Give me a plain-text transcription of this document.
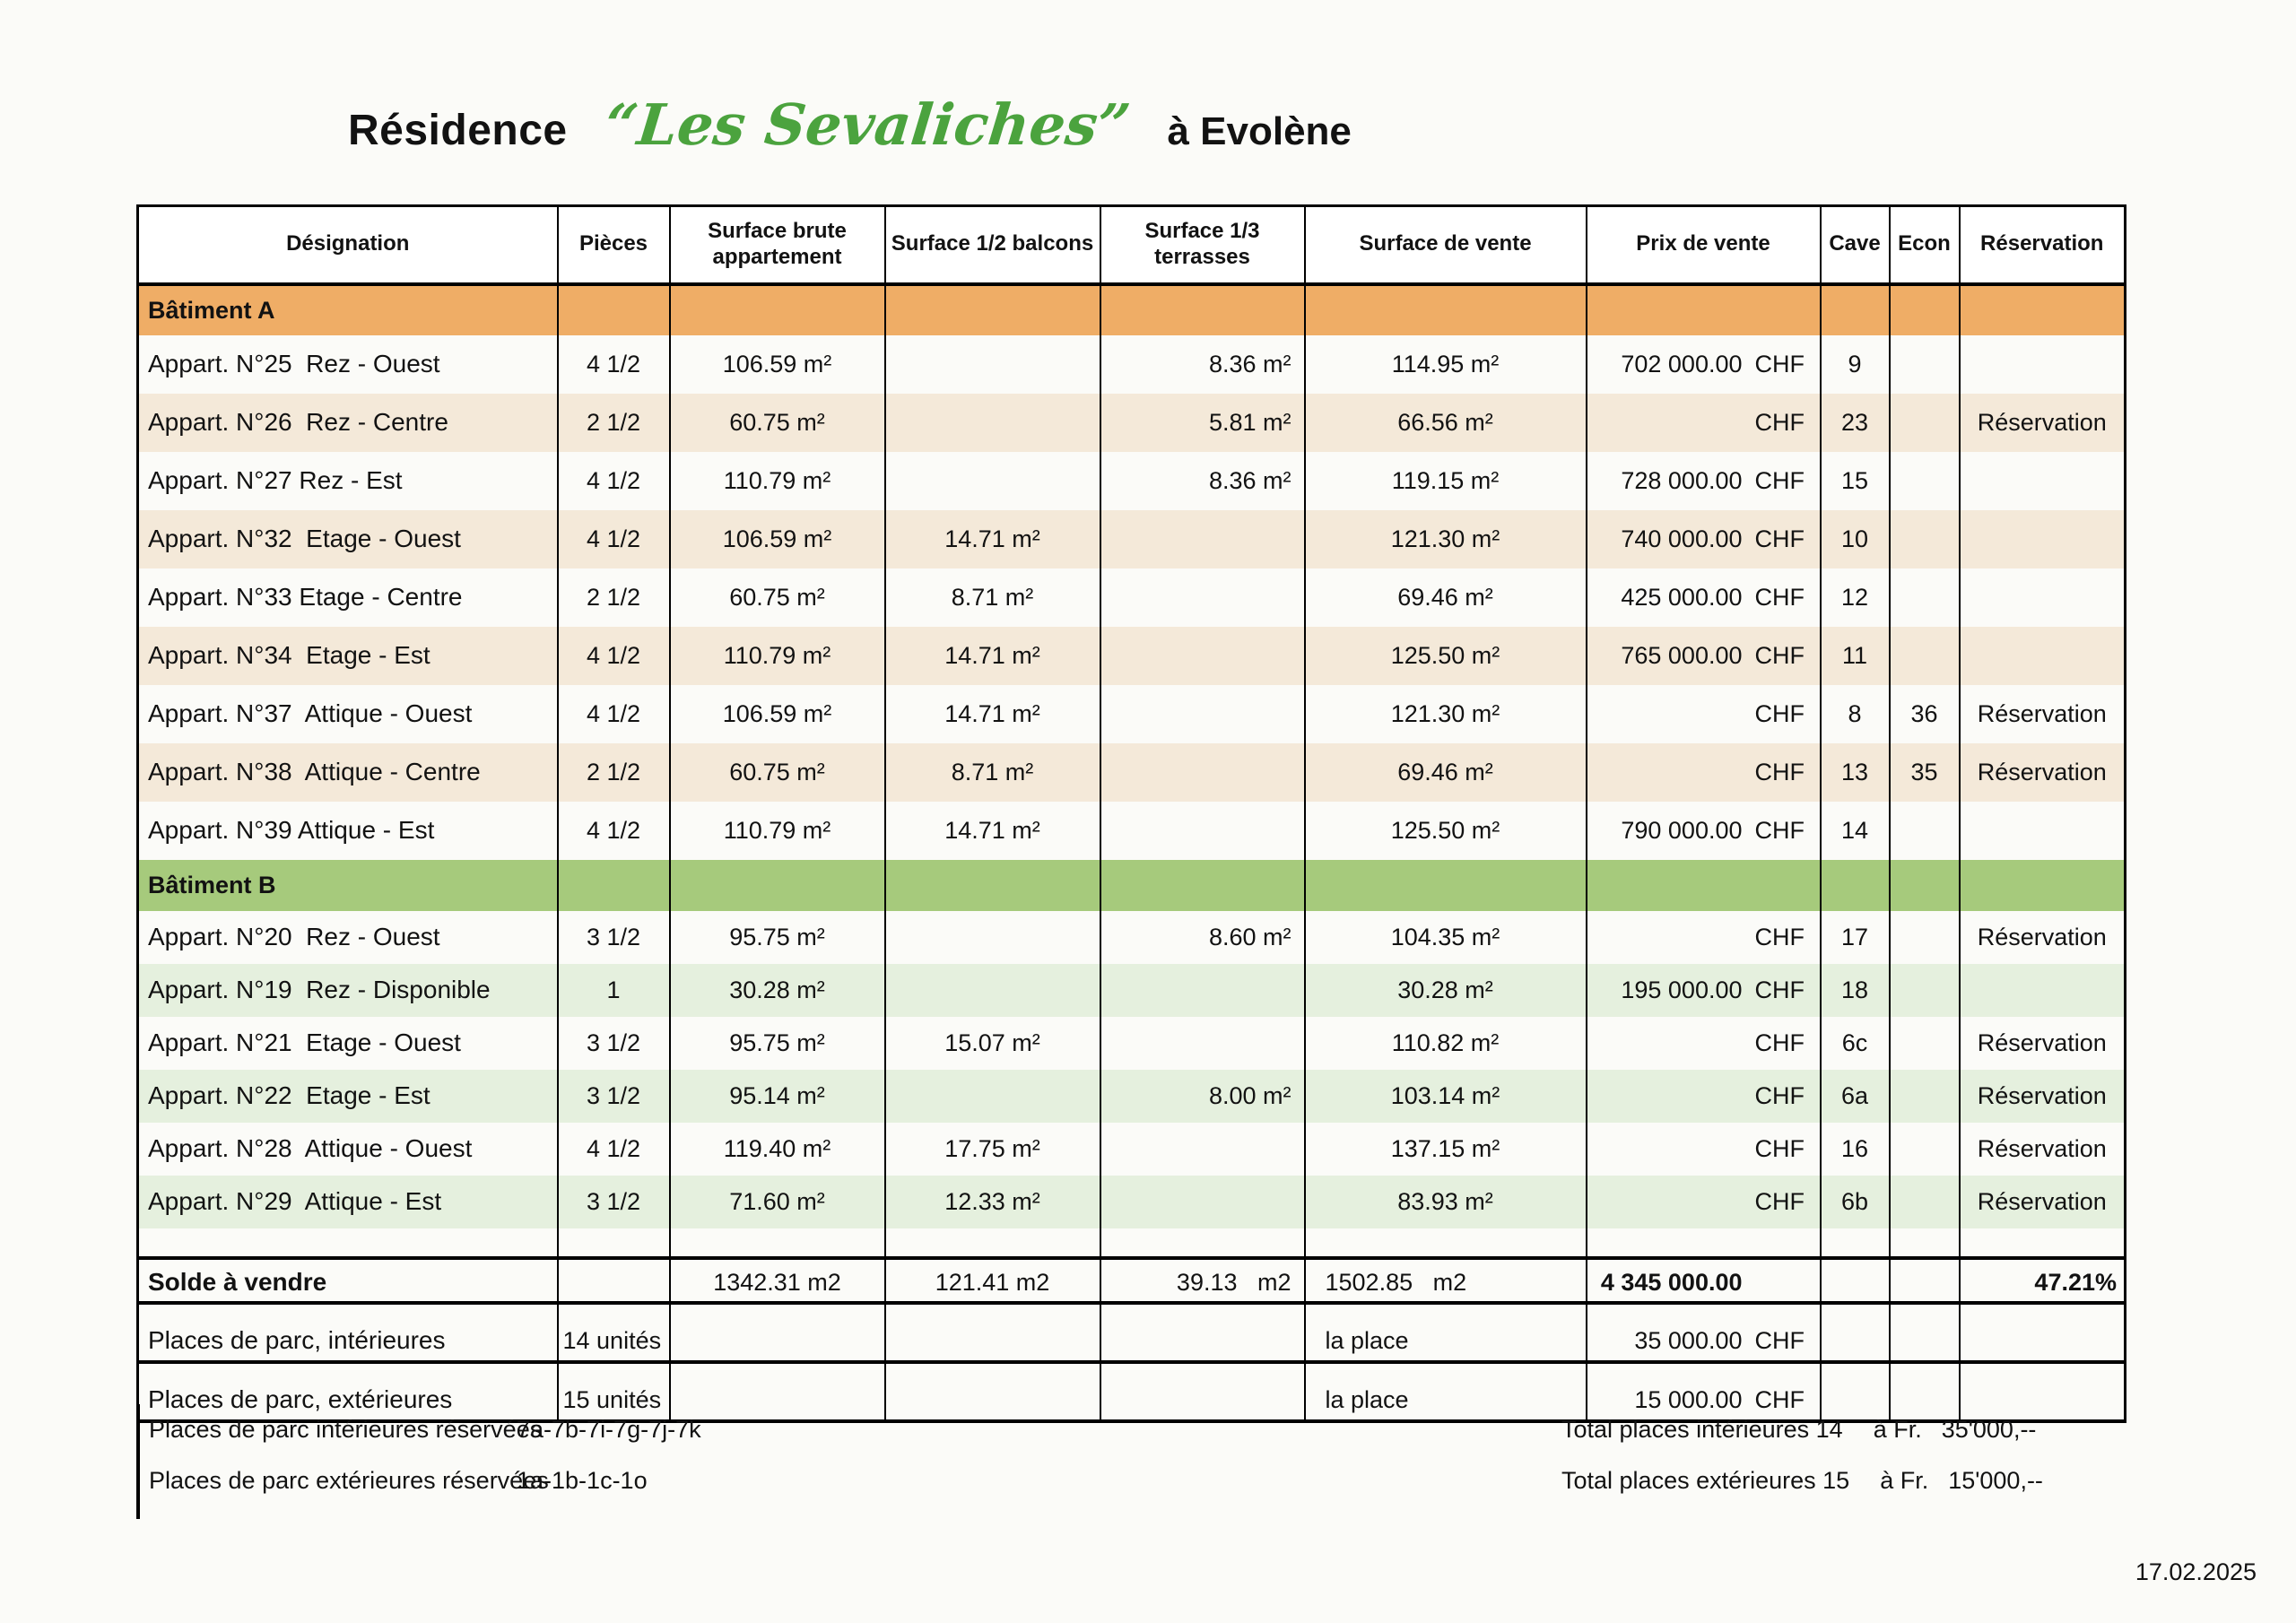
Résidence “Les Sevaliches” à Evolène
Désignation	Pièces	Surface brute appartement	Surface 1/2 balcons	Surface 1/3 terrasses	Surface de vente	Prix de vente	Cave	Econ	Réservation
Bâtiment A									
Appart. N°25  Rez - Ouest	4 1/2	106.59 m²		8.36 m²	114.95 m²	702 000.00 CHF	9		
Appart. N°26  Rez - Centre	2 1/2	60.75 m²		5.81 m²	66.56 m²	CHF	23		Réservation
Appart. N°27 Rez - Est	4 1/2	110.79 m²		8.36 m²	119.15 m²	728 000.00 CHF	15		
Appart. N°32  Etage - Ouest	4 1/2	106.59 m²	14.71 m²		121.30 m²	740 000.00 CHF	10		
Appart. N°33 Etage - Centre	2 1/2	60.75 m²	8.71 m²		69.46 m²	425 000.00 CHF	12		
Appart. N°34  Etage - Est	4 1/2	110.79 m²	14.71 m²		125.50 m²	765 000.00 CHF	11		
Appart. N°37  Attique - Ouest	4 1/2	106.59 m²	14.71 m²		121.30 m²	CHF	8	36	Réservation
Appart. N°38  Attique - Centre	2 1/2	60.75 m²	8.71 m²		69.46 m²	CHF	13	35	Réservation
Appart. N°39 Attique - Est	4 1/2	110.79 m²	14.71 m²		125.50 m²	790 000.00 CHF	14		
Bâtiment B									
Appart. N°20  Rez - Ouest	3 1/2	95.75 m²		8.60 m²	104.35 m²	CHF	17		Réservation
Appart. N°19  Rez - Disponible	1	30.28 m²			30.28 m²	195 000.00 CHF	18		
Appart. N°21  Etage - Ouest	3 1/2	95.75 m²	15.07 m²		110.82 m²	CHF	6c		Réservation
Appart. N°22  Etage - Est	3 1/2	95.14 m²		8.00 m²	103.14 m²	CHF	6a		Réservation
Appart. N°28  Attique - Ouest	4 1/2	119.40 m²	17.75 m²		137.15 m²	CHF	16		Réservation
Appart. N°29  Attique - Est	3 1/2	71.60 m²	12.33 m²		83.93 m²	CHF	6b		Réservation

Solde à vendre		1342.31 m2	121.41 m2	39.13   m2	1502.85   m2	4 345 000.00			47.21%
Places de parc, intérieures	14 unités				la place	35 000.00 CHF			
Places de parc, extérieures	15 unités				la place	15 000.00 CHF			
Places de parc intérieures réservées
7a-7b-7i-7g-7j-7k	Total places intérieures 14 à Fr. 35'000,--
Places de parc extérieures réservées
1a-1b-1c-1o	Total places extérieures 15 à Fr. 15'000,--
17.02.2025
